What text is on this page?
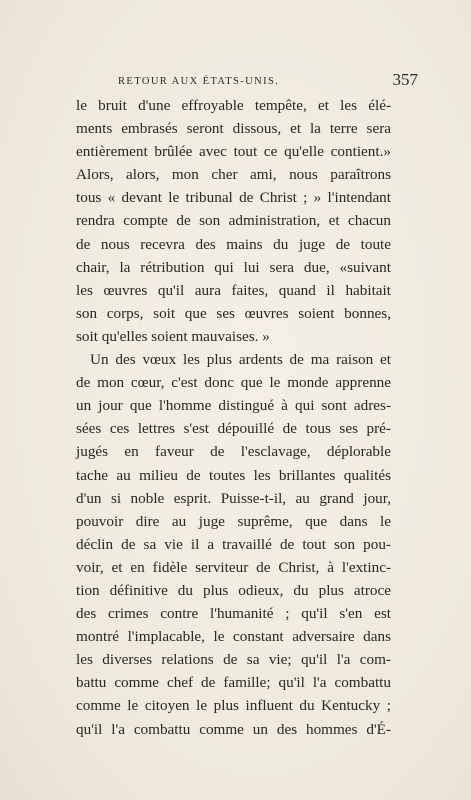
RETOUR AUX ÉTATS-UNIS.	357
le bruit d'une effroyable tempête, et les élé-
ments embrasés seront dissous, et la terre sera
entièrement brûlée avec tout ce qu'elle contient.»
Alors, alors, mon cher ami, nous paraîtrons
tous « devant le tribunal de Christ ; » l'intendant
rendra compte de son administration, et chacun
de nous recevra des mains du juge de toute
chair, la rétribution qui lui sera due, «suivant
les œuvres qu'il aura faites, quand il habitait
son corps, soit que ses œuvres soient bonnes,
soit qu'elles soient mauvaises. »
Un des vœux les plus ardents de ma raison et
de mon cœur, c'est donc que le monde apprenne
un jour que l'homme distingué à qui sont adres-
sées ces lettres s'est dépouillé de tous ses pré-
jugés en faveur de l'esclavage, déplorable
tache au milieu de toutes les brillantes qualités
d'un si noble esprit. Puisse-t-il, au grand jour,
pouvoir dire au juge suprême, que dans le
déclin de sa vie il a travaillé de tout son pou-
voir, et en fidèle serviteur de Christ, à l'extinc-
tion définitive du plus odieux, du plus atroce
des crimes contre l'humanité ; qu'il s'en est
montré l'implacable, le constant adversaire dans
les diverses relations de sa vie; qu'il l'a com-
battu comme chef de famille; qu'il l'a combattu
comme le citoyen le plus influent du Kentucky ;
qu'il l'a combattu comme un des hommes d'É-
